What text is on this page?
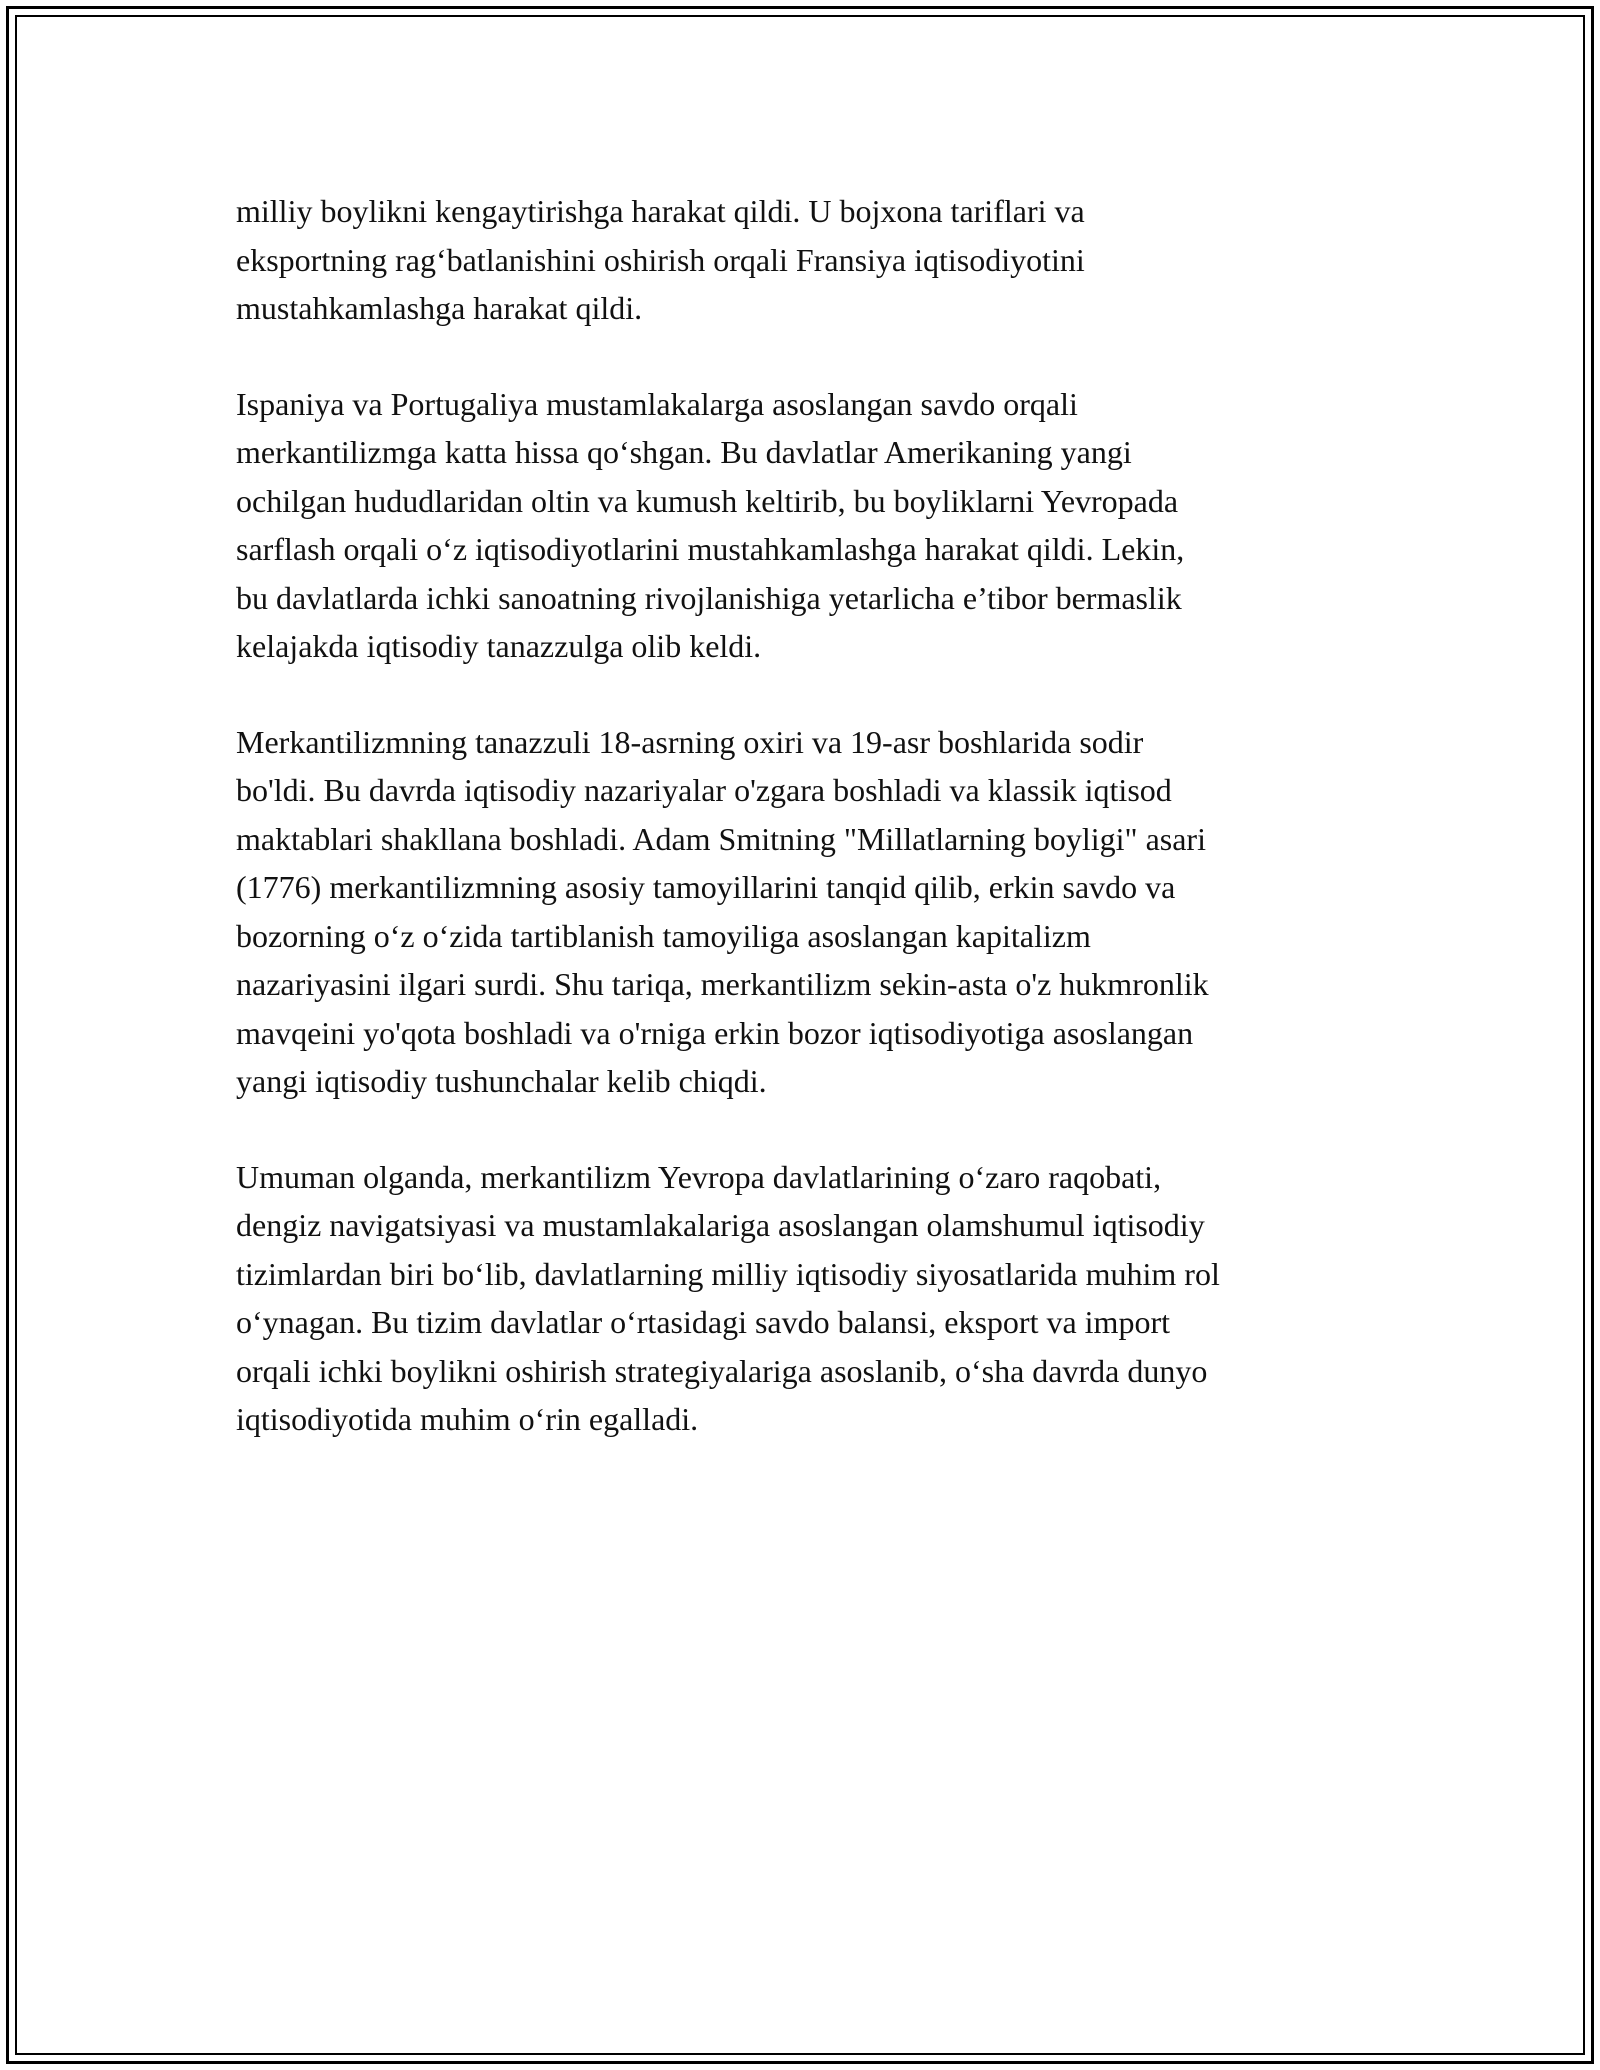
milliy boylikni kengaytirishga harakat qildi. U bojxona tariflari va
eksportning rag‘batlanishini oshirish orqali Fransiya iqtisodiyotini
mustahkamlashga harakat qildi.

Ispaniya va Portugaliya mustamlakalarga asoslangan savdo orqali
merkantilizmga katta hissa qo‘shgan. Bu davlatlar Amerikaning yangi
ochilgan hududlaridan oltin va kumush keltirib, bu boyliklarni Yevropada
sarflash orqali o‘z iqtisodiyotlarini mustahkamlashga harakat qildi. Lekin,
bu davlatlarda ichki sanoatning rivojlanishiga yetarlicha e’tibor bermaslik
kelajakda iqtisodiy tanazzulga olib keldi.

Merkantilizmning tanazzuli 18-asrning oxiri va 19-asr boshlarida sodir
bo'ldi. Bu davrda iqtisodiy nazariyalar o'zgara boshladi va klassik iqtisod
maktablari shakllana boshladi. Adam Smitning "Millatlarning boyligi" asari
(1776) merkantilizmning asosiy tamoyillarini tanqid qilib, erkin savdo va
bozorning o‘z o‘zida tartiblanish tamoyiliga asoslangan kapitalizm
nazariyasini ilgari surdi. Shu tariqa, merkantilizm sekin-asta o'z hukmronlik
mavqeini yo'qota boshladi va o'rniga erkin bozor iqtisodiyotiga asoslangan
yangi iqtisodiy tushunchalar kelib chiqdi.

Umuman olganda, merkantilizm Yevropa davlatlarining o‘zaro raqobati,
dengiz navigatsiyasi va mustamlakalariga asoslangan olamshumul iqtisodiy
tizimlardan biri bo‘lib, davlatlarning milliy iqtisodiy siyosatlarida muhim rol
o‘ynagan. Bu tizim davlatlar o‘rtasidagi savdo balansi, eksport va import
orqali ichki boylikni oshirish strategiyalariga asoslanib, o‘sha davrda dunyo
iqtisodiyotida muhim o‘rin egalladi.
